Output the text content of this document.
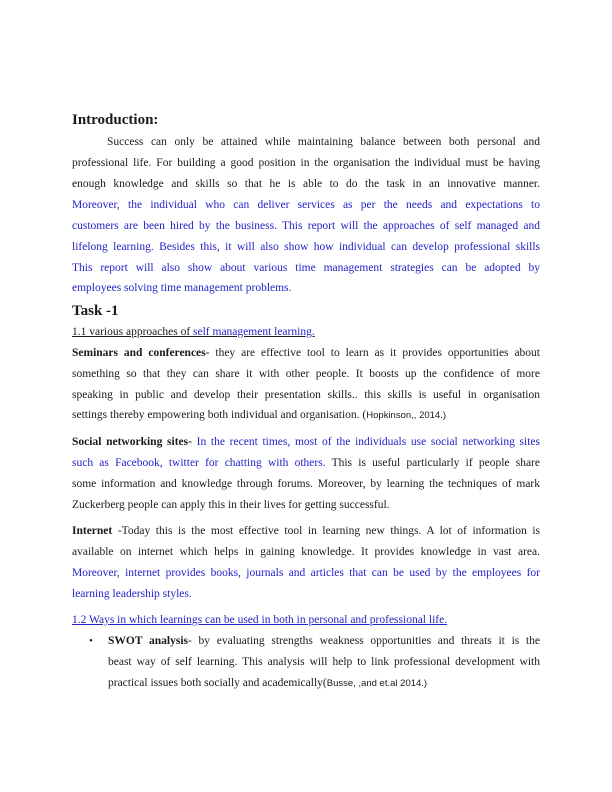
Introduction:
Success can only be attained while maintaining balance between both personal and
professional life. For building a good position in the organisation the individual must be having
enough knowledge and skills so that he is able to do the task in an innovative manner.
Moreover, the individual who can deliver services as per the needs and expectations to
customers are been hired by the business. This report will the approaches of self managed and
lifelong learning. Besides this, it will also show how individual can develop professional skills
This report will also show about various time management strategies can be adopted by
employees solving time management problems.
Task -1
1.1 various approaches of self management learning.
Seminars and conferences- they are effective tool to learn as it provides opportunities about
something so that they can share it with other people. It boosts up the confidence of more
speaking in public and develop their presentation skills.. this skills is useful in organisation
settings thereby empowering both individual and organisation. (Hopkinson,, 2014.)
Social networking sites- In the recent times, most of the individuals use social networking sites
such as Facebook, twitter for chatting with others. This is useful particularly if people share
some information and knowledge through forums. Moreover, by learning the techniques of mark
Zuckerberg people can apply this in their lives for getting successful.
Internet -Today this is the most effective tool in learning new things. A lot of information is
available on internet which helps in gaining knowledge. It provides knowledge in vast area.
Moreover, internet provides books, journals and articles that can be used by the employees for
learning leadership styles.
1.2 Ways in which learnings can be used in both in personal and professional life.
• SWOT analysis- by evaluating strengths weakness opportunities and threats it is the
beast way of self learning. This analysis will help to link professional development with
practical issues both socially and academically(Busse, ,and et.al 2014.)
